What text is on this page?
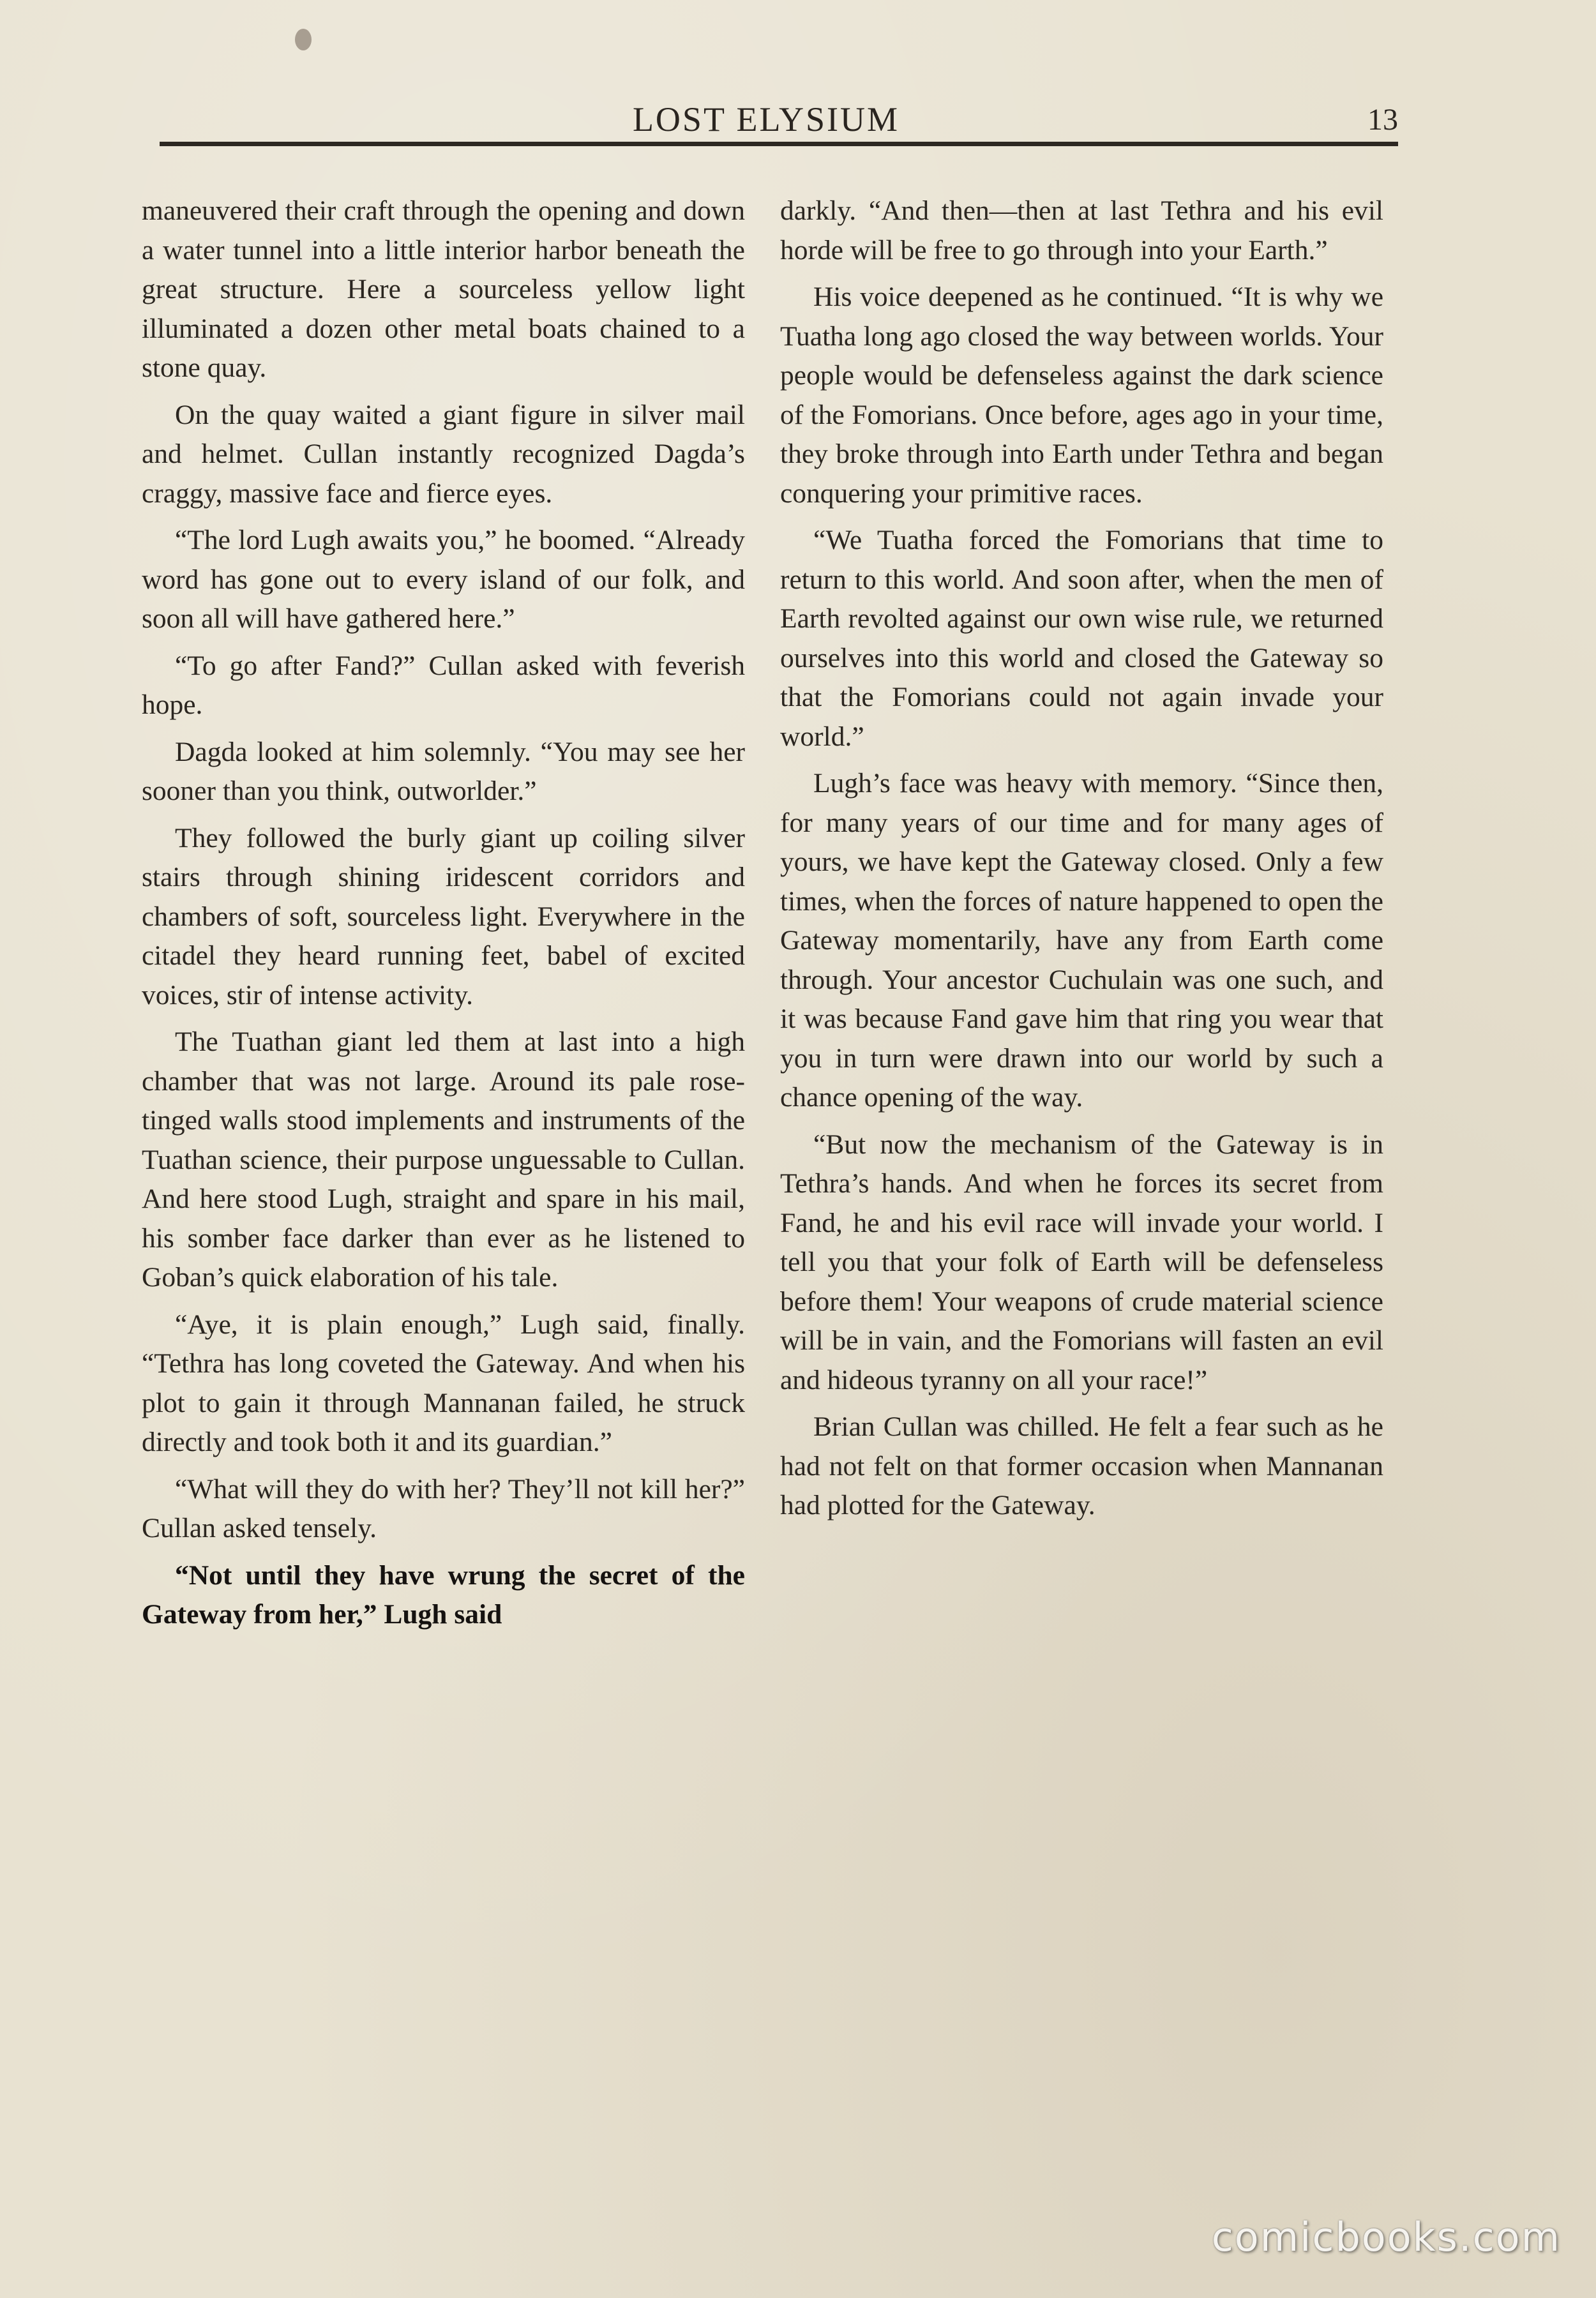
LOST ELYSIUM	13

maneuvered their craft through the opening and down a water tunnel into a little interior harbor beneath the great structure. Here a sourceless yellow light illuminated a dozen other metal boats chained to a stone quay.

On the quay waited a giant figure in silver mail and helmet. Cullan instantly recognized Dagda’s craggy, massive face and fierce eyes.

“The lord Lugh awaits you,” he boomed. “Already word has gone out to every island of our folk, and soon all will have gathered here.”

“To go after Fand?” Cullan asked with feverish hope.

Dagda looked at him solemnly. “You may see her sooner than you think, outworlder.”

They followed the burly giant up coiling silver stairs through shining iridescent corridors and chambers of soft, sourceless light. Everywhere in the citadel they heard running feet, babel of excited voices, stir of intense activity.

The Tuathan giant led them at last into a high chamber that was not large. Around its pale rose-tinged walls stood implements and instruments of the Tuathan science, their purpose unguessable to Cullan. And here stood Lugh, straight and spare in his mail, his somber face darker than ever as he listened to Goban’s quick elaboration of his tale.

“Aye, it is plain enough,” Lugh said, finally. “Tethra has long coveted the Gateway. And when his plot to gain it through Mannanan failed, he struck directly and took both it and its guardian.”

“What will they do with her? They’ll not kill her?” Cullan asked tensely.

“Not until they have wrung the secret of the Gateway from her,” Lugh said

darkly. “And then—then at last Tethra and his evil horde will be free to go through into your Earth.”

His voice deepened as he continued. “It is why we Tuatha long ago closed the way between worlds. Your people would be defenseless against the dark science of the Fomorians. Once before, ages ago in your time, they broke through into Earth under Tethra and began conquering your primitive races.

“We Tuatha forced the Fomorians that time to return to this world. And soon after, when the men of Earth revolted against our own wise rule, we returned ourselves into this world and closed the Gateway so that the Fomorians could not again invade your world.”

Lugh’s face was heavy with memory. “Since then, for many years of our time and for many ages of yours, we have kept the Gateway closed. Only a few times, when the forces of nature happened to open the Gateway momentarily, have any from Earth come through. Your ancestor Cuchulain was one such, and it was because Fand gave him that ring you wear that you in turn were drawn into our world by such a chance opening of the way.

“But now the mechanism of the Gateway is in Tethra’s hands. And when he forces its secret from Fand, he and his evil race will invade your world. I tell you that your folk of Earth will be defenseless before them! Your weapons of crude material science will be in vain, and the Fomorians will fasten an evil and hideous tyranny on all your race!”

Brian Cullan was chilled. He felt a fear such as he had not felt on that former occasion when Mannanan had plotted for the Gateway.

comicbooks.com
